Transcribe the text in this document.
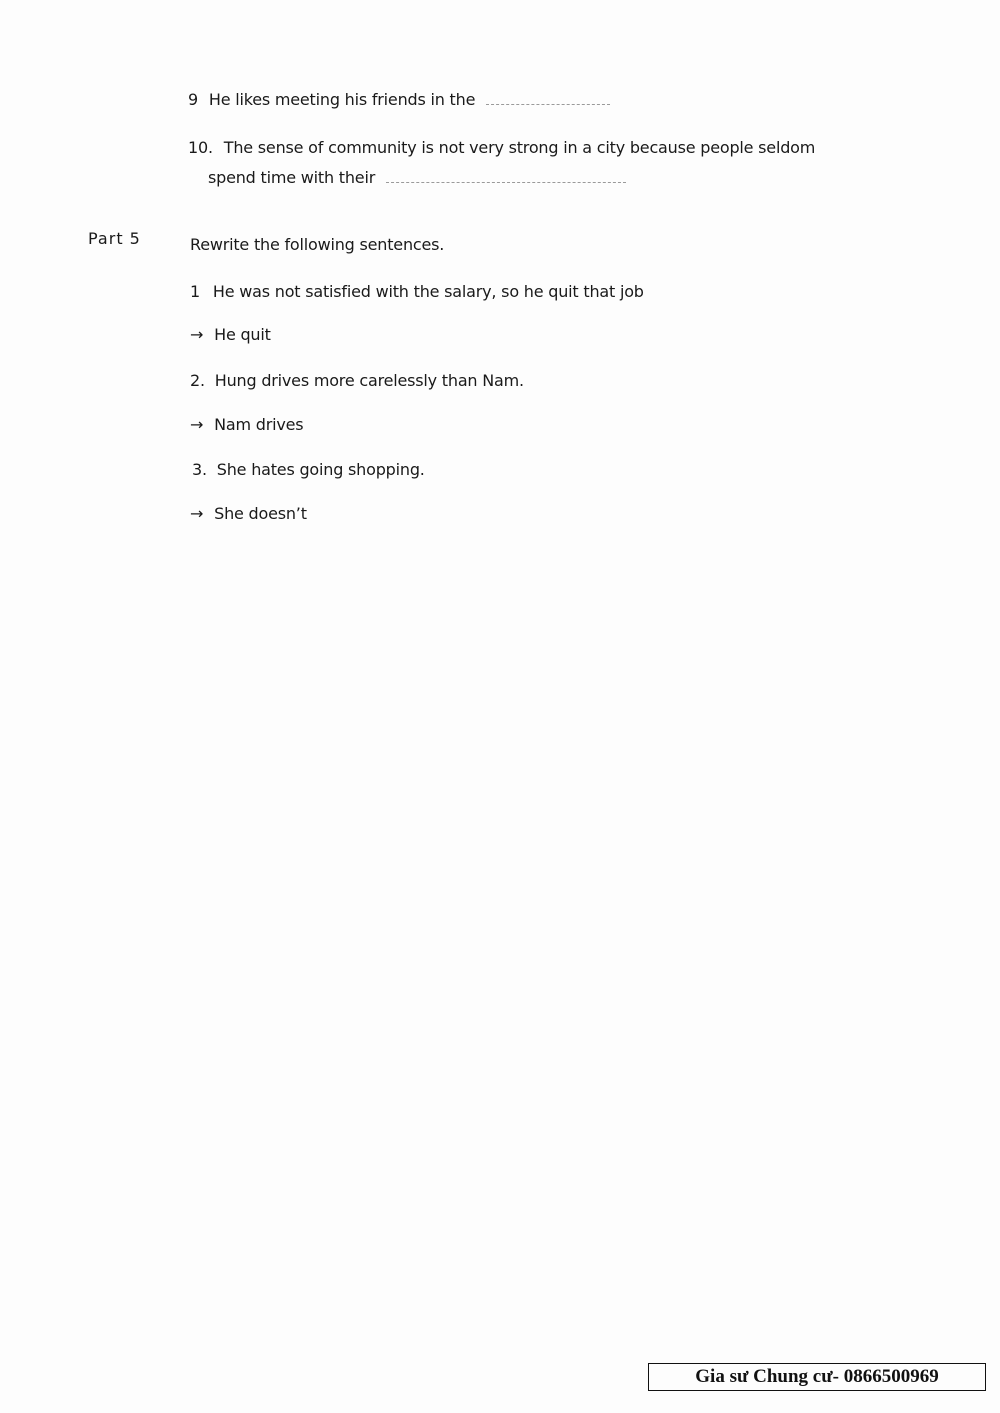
9 He likes meeting his friends in the
10. The sense of community is not very strong in a city because people seldom
spend time with their
Part 5	Rewrite the following sentences.
1 He was not satisfied with the salary, so he quit that job
→ He quit
2. Hung drives more carelessly than Nam.
→ Nam drives
3. She hates going shopping.
→ She doesn’t
Gia sư Chung cư- 0866500969
